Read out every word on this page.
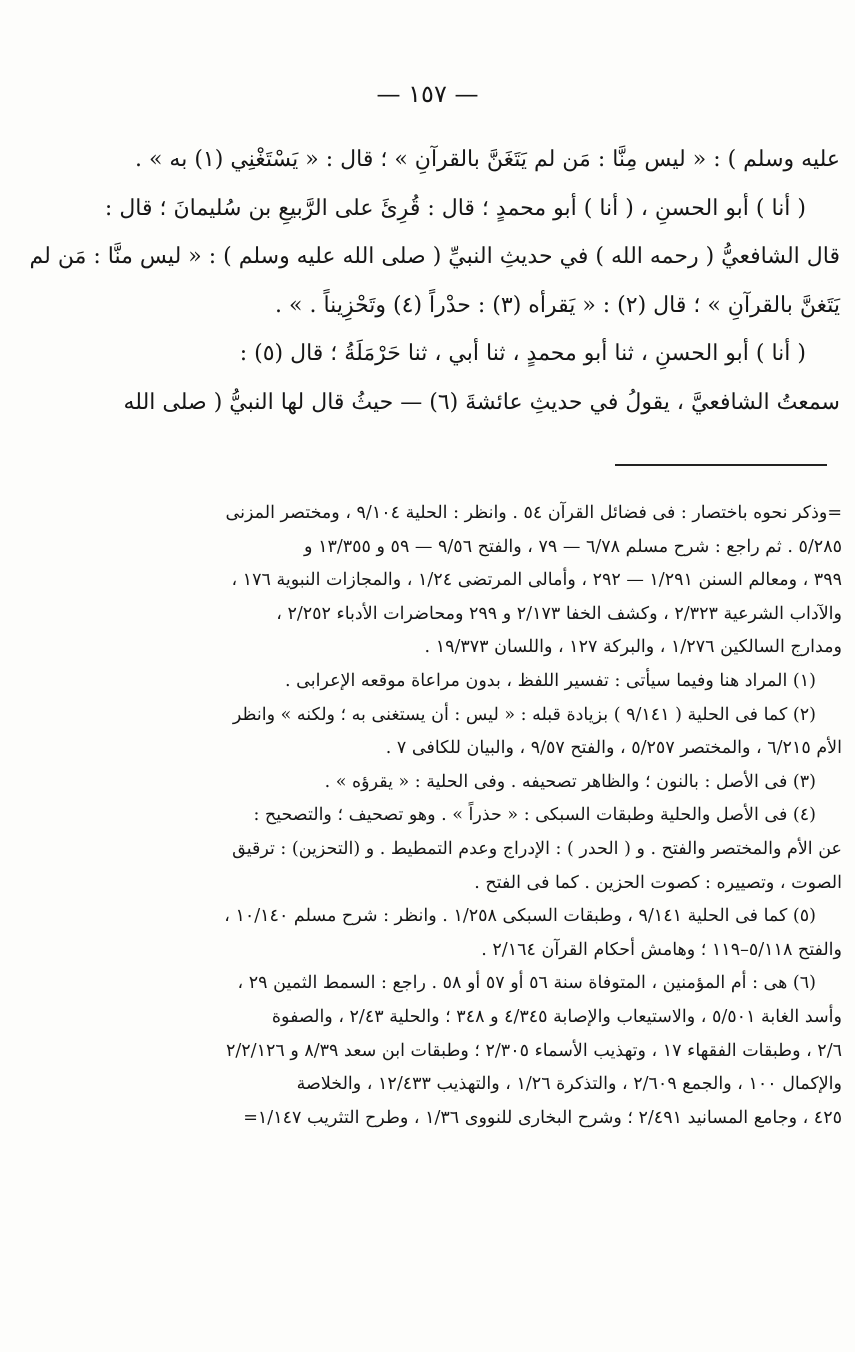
— ١٥٧ —
عليه وسلم ) : « ليس مِنَّا : مَن لم يَتَغَنَّ بالقرآنِ » ؛ قال : « يَسْتَغْنِي (١) به » .
( أنا ) أبو الحسنِ ، ( أنا ) أبو محمدٍ ؛ قال : قُرِئَ على الرَّبيعِ بن سُليمانَ ؛ قال :
قال الشافعيُّ ( رحمه الله ) في حديثِ النبيِّ ( صلى الله عليه وسلم ) : « ليس منَّا : مَن لم
يَتَغنَّ بالقرآنِ » ؛ قال (٢) : « يَقرأه (٣) : حدْراً (٤) وتَحْزِيناً . » .
( أنا ) أبو الحسنِ ، ثنا أبو محمدٍ ، ثنا أبي ، ثنا حَرْمَلَةُ ؛ قال (٥) :
سمعتُ الشافعيَّ ، يقولُ في حديثِ عائشةَ (٦) — حيثُ قال لها النبيُّ ( صلى الله
=وذكر نحوه باختصار : فى فضائل القرآن ٥٤ . وانظر : الحلية ٩/١٠٤ ، ومختصر المزنى
٥/٢٨٥ . ثم راجع : شرح مسلم ٦/٧٨ — ٧٩ ، والفتح ٩/٥٦ — ٥٩ و ١٣/٣٥٥ و
٣٩٩ ، ومعالم السنن ١/٢٩١ — ٢٩٢ ، وأمالى المرتضى ١/٢٤ ، والمجازات النبوية ١٧٦ ،
والآداب الشرعية ٢/٣٢٣ ، وكشف الخفا ٢/١٧٣ و ٢٩٩ ومحاضرات الأدباء ٢/٢٥٢ ،
ومدارج السالكين ١/٢٧٦ ، والبركة ١٢٧ ، واللسان ١٩/٣٧٣ .
(١) المراد هنا وفيما سيأتى : تفسير اللفظ ، بدون مراعاة موقعه الإعرابى .
(٢) كما فى الحلية ( ٩/١٤١ ) بزيادة قبله : « ليس : أن يستغنى به ؛ ولكنه » وانظر
الأم ٦/٢١٥ ، والمختصر ٥/٢٥٧ ، والفتح ٩/٥٧ ، والبيان للكافى ٧ .
(٣) فى الأصل : بالنون ؛ والظاهر تصحيفه . وفى الحلية : « يقرؤه » .
(٤) فى الأصل والحلية وطبقات السبكى : « حذراً » . وهو تصحيف ؛ والتصحيح :
عن الأم والمختصر والفتح . و ( الحدر ) : الإدراج وعدم التمطيط . و (التحزين) : ترقيق
الصوت ، وتصييره : كصوت الحزين . كما فى الفتح .
(٥) كما فى الحلية ٩/١٤١ ، وطبقات السبكى ١/٢٥٨ . وانظر : شرح مسلم ١٠/١٤٠ ،
والفتح ٥/١١٨–١١٩ ؛ وهامش أحكام القرآن ٢/١٦٤ .
(٦) هى : أم المؤمنين ، المتوفاة سنة ٥٦ أو ٥٧ أو ٥٨ . راجع : السمط الثمين ٢٩ ،
وأسد الغابة ٥/٥٠١ ، والاستيعاب والإصابة ٤/٣٤٥ و ٣٤٨ ؛ والحلية ٢/٤٣ ، والصفوة
٢/٦ ، وطبقات الفقهاء ١٧ ، وتهذيب الأسماء ٢/٣٠٥ ؛ وطبقات ابن سعد ٨/٣٩ و ٢/٢/١٢٦
والإكمال ١٠٠ ، والجمع ٢/٦٠٩ ، والتذكرة ١/٢٦ ، والتهذيب ١٢/٤٣٣ ، والخلاصة
٤٢٥ ، وجامع المسانيد ٢/٤٩١ ؛ وشرح البخارى للنووى ١/٣٦ ، وطرح التثريب ١/١٤٧=
